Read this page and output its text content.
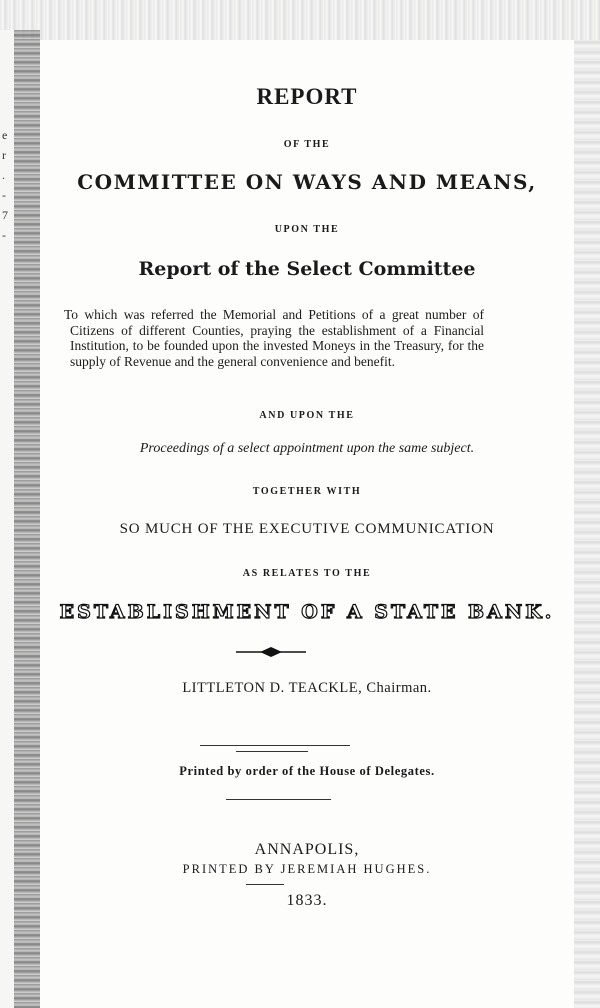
e
r
.
-
7
-
REPORT
OF THE
COMMITTEE ON WAYS AND MEANS,
UPON THE
Report of the Select Committee
To which was referred the Memorial and Petitions of a great number of Citizens of different Counties, praying the establishment of a Financial Institution, to be founded upon the invested Moneys in the Treasury, for the supply of Revenue and the general convenience and benefit.
AND UPON THE
Proceedings of a select appointment upon the same subject.
TOGETHER WITH
SO MUCH OF THE EXECUTIVE COMMUNICATION
AS RELATES TO THE
ESTABLISHMENT OF A STATE BANK.
LITTLETON D. TEACKLE, Chairman.
Printed by order of the House of Delegates.
ANNAPOLIS,
PRINTED BY JEREMIAH HUGHES.
1833.
